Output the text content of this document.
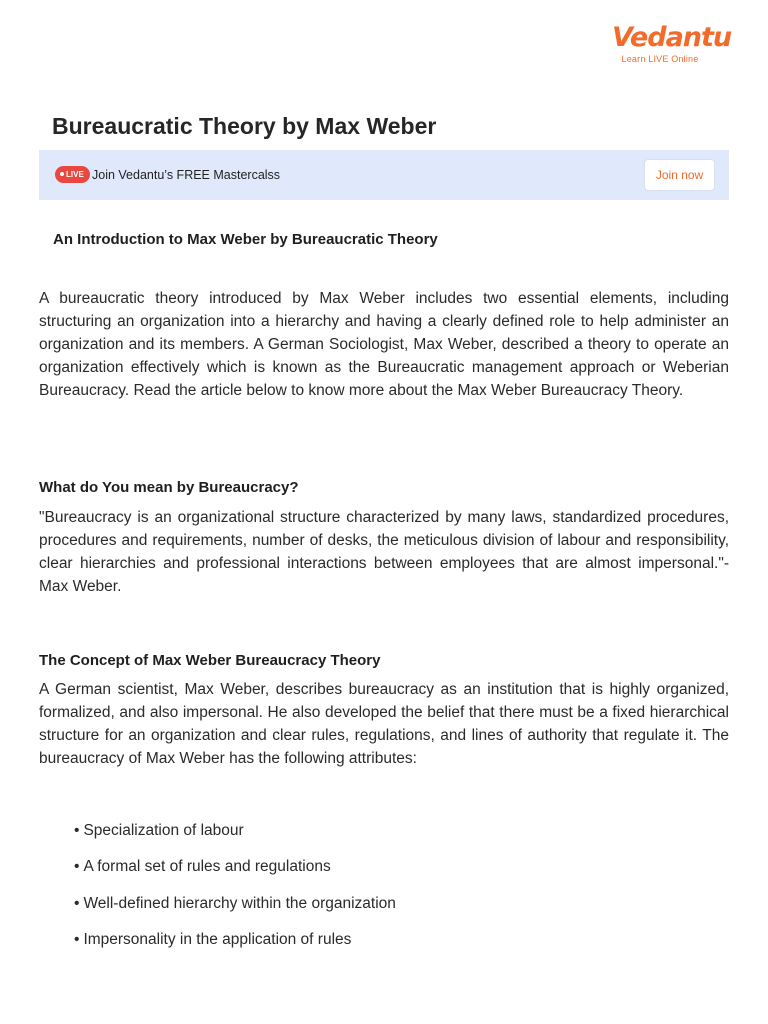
Vedantu
Learn LIVE Online
Bureaucratic Theory by Max Weber
LIVE Join Vedantu’s FREE Mastercalss	Join now
An Introduction to Max Weber by Bureaucratic Theory

A bureaucratic theory introduced by Max Weber includes two essential elements, including structuring an organization into a hierarchy and having a clearly defined role to help administer an organization and its members. A German Sociologist, Max Weber, described a theory to operate an organization effectively which is known as the Bureaucratic management approach or Weberian Bureaucracy. Read the article below to know more about the Max Weber Bureaucracy Theory.

What do You mean by Bureaucracy?

"Bureaucracy is an organizational structure characterized by many laws, standardized procedures, procedures and requirements, number of desks, the meticulous division of labour and responsibility, clear hierarchies and professional interactions between employees that are almost impersonal."- Max Weber.

The Concept of Max Weber Bureaucracy Theory

A German scientist, Max Weber, describes bureaucracy as an institution that is highly organized, formalized, and also impersonal. He also developed the belief that there must be a fixed hierarchical structure for an organization and clear rules, regulations, and lines of authority that regulate it. The bureaucracy of Max Weber has the following attributes:

• Specialization of labour
• A formal set of rules and regulations
• Well-defined hierarchy within the organization
• Impersonality in the application of rules
